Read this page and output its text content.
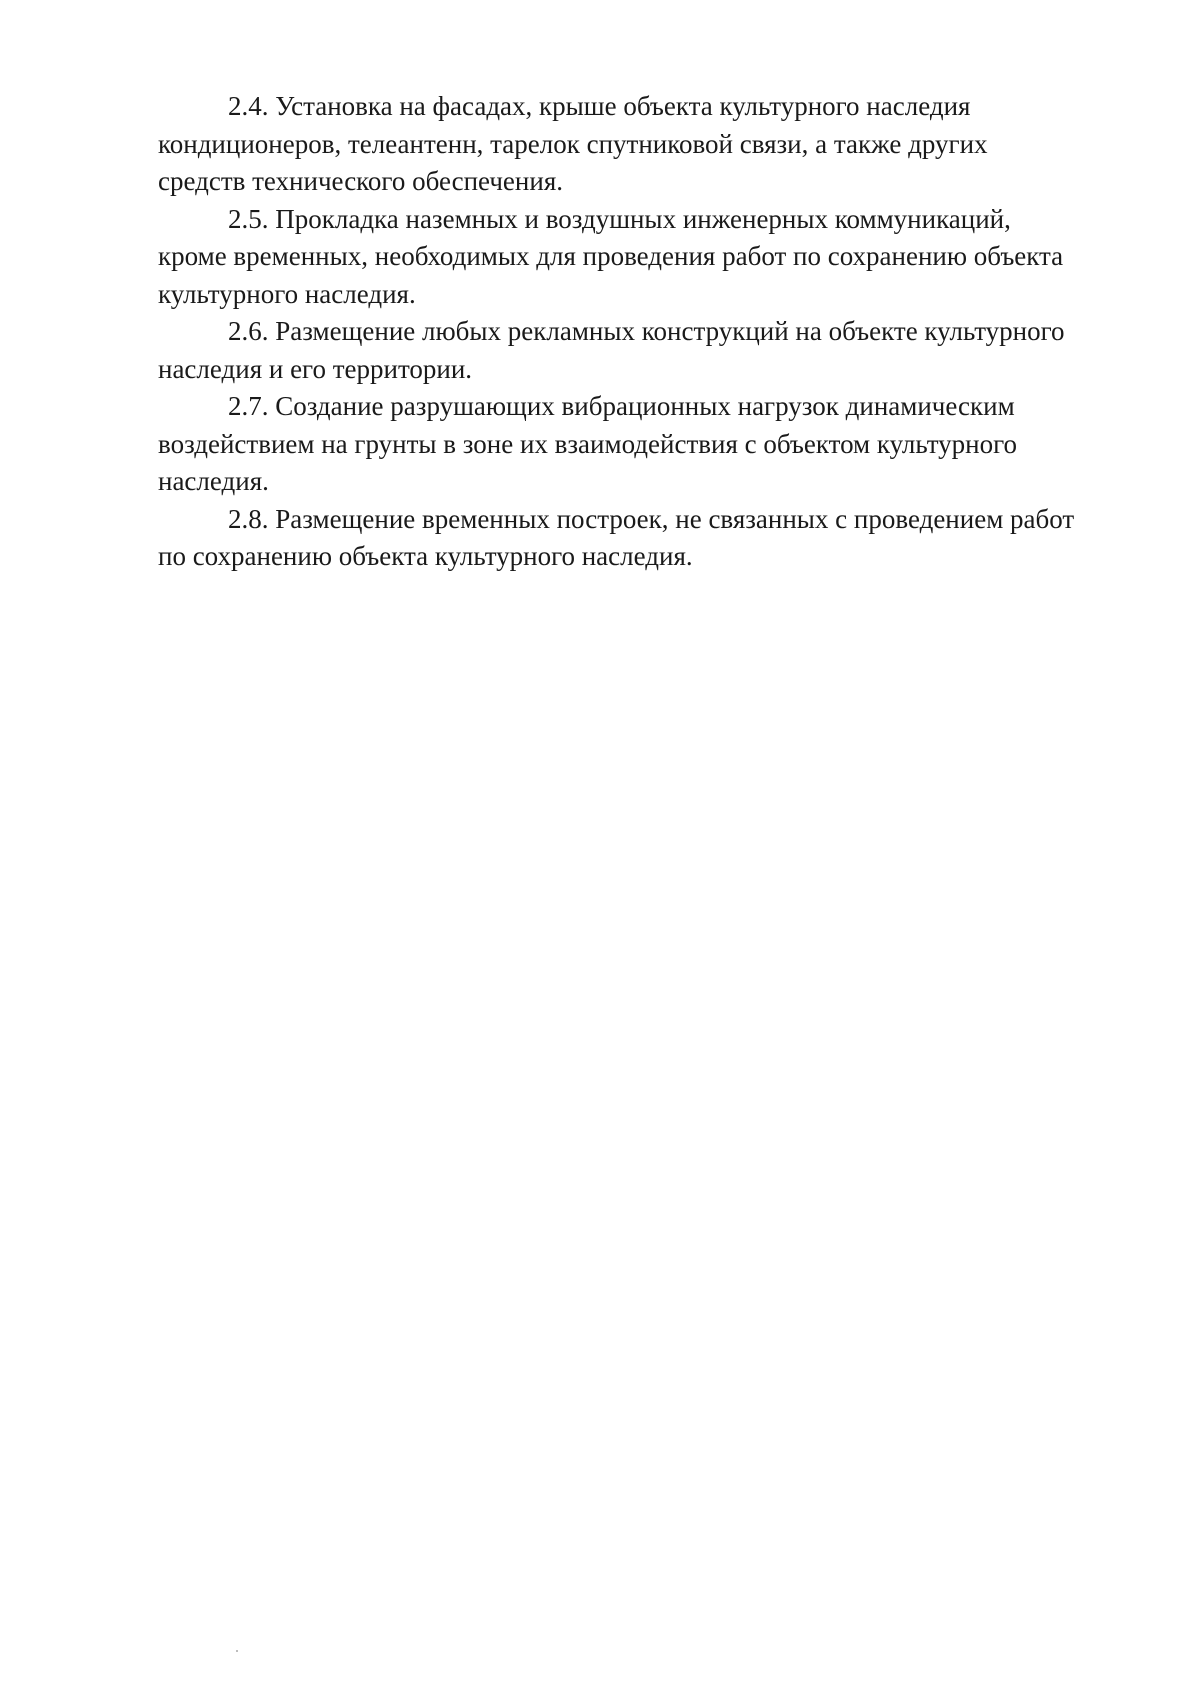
2.4. Установка на фасадах, крыше объекта культурного наследия кондиционеров, телеантенн, тарелок спутниковой связи, а также других средств технического обеспечения.

2.5. Прокладка наземных и воздушных инженерных коммуникаций, кроме временных, необходимых для проведения работ по сохранению объекта культурного наследия.

2.6. Размещение любых рекламных конструкций на объекте культурного наследия и его территории.

2.7. Создание разрушающих вибрационных нагрузок динамическим воздействием на грунты в зоне их взаимодействия с объектом культурного наследия.

2.8. Размещение временных построек, не связанных с проведением работ по сохранению объекта культурного наследия.
